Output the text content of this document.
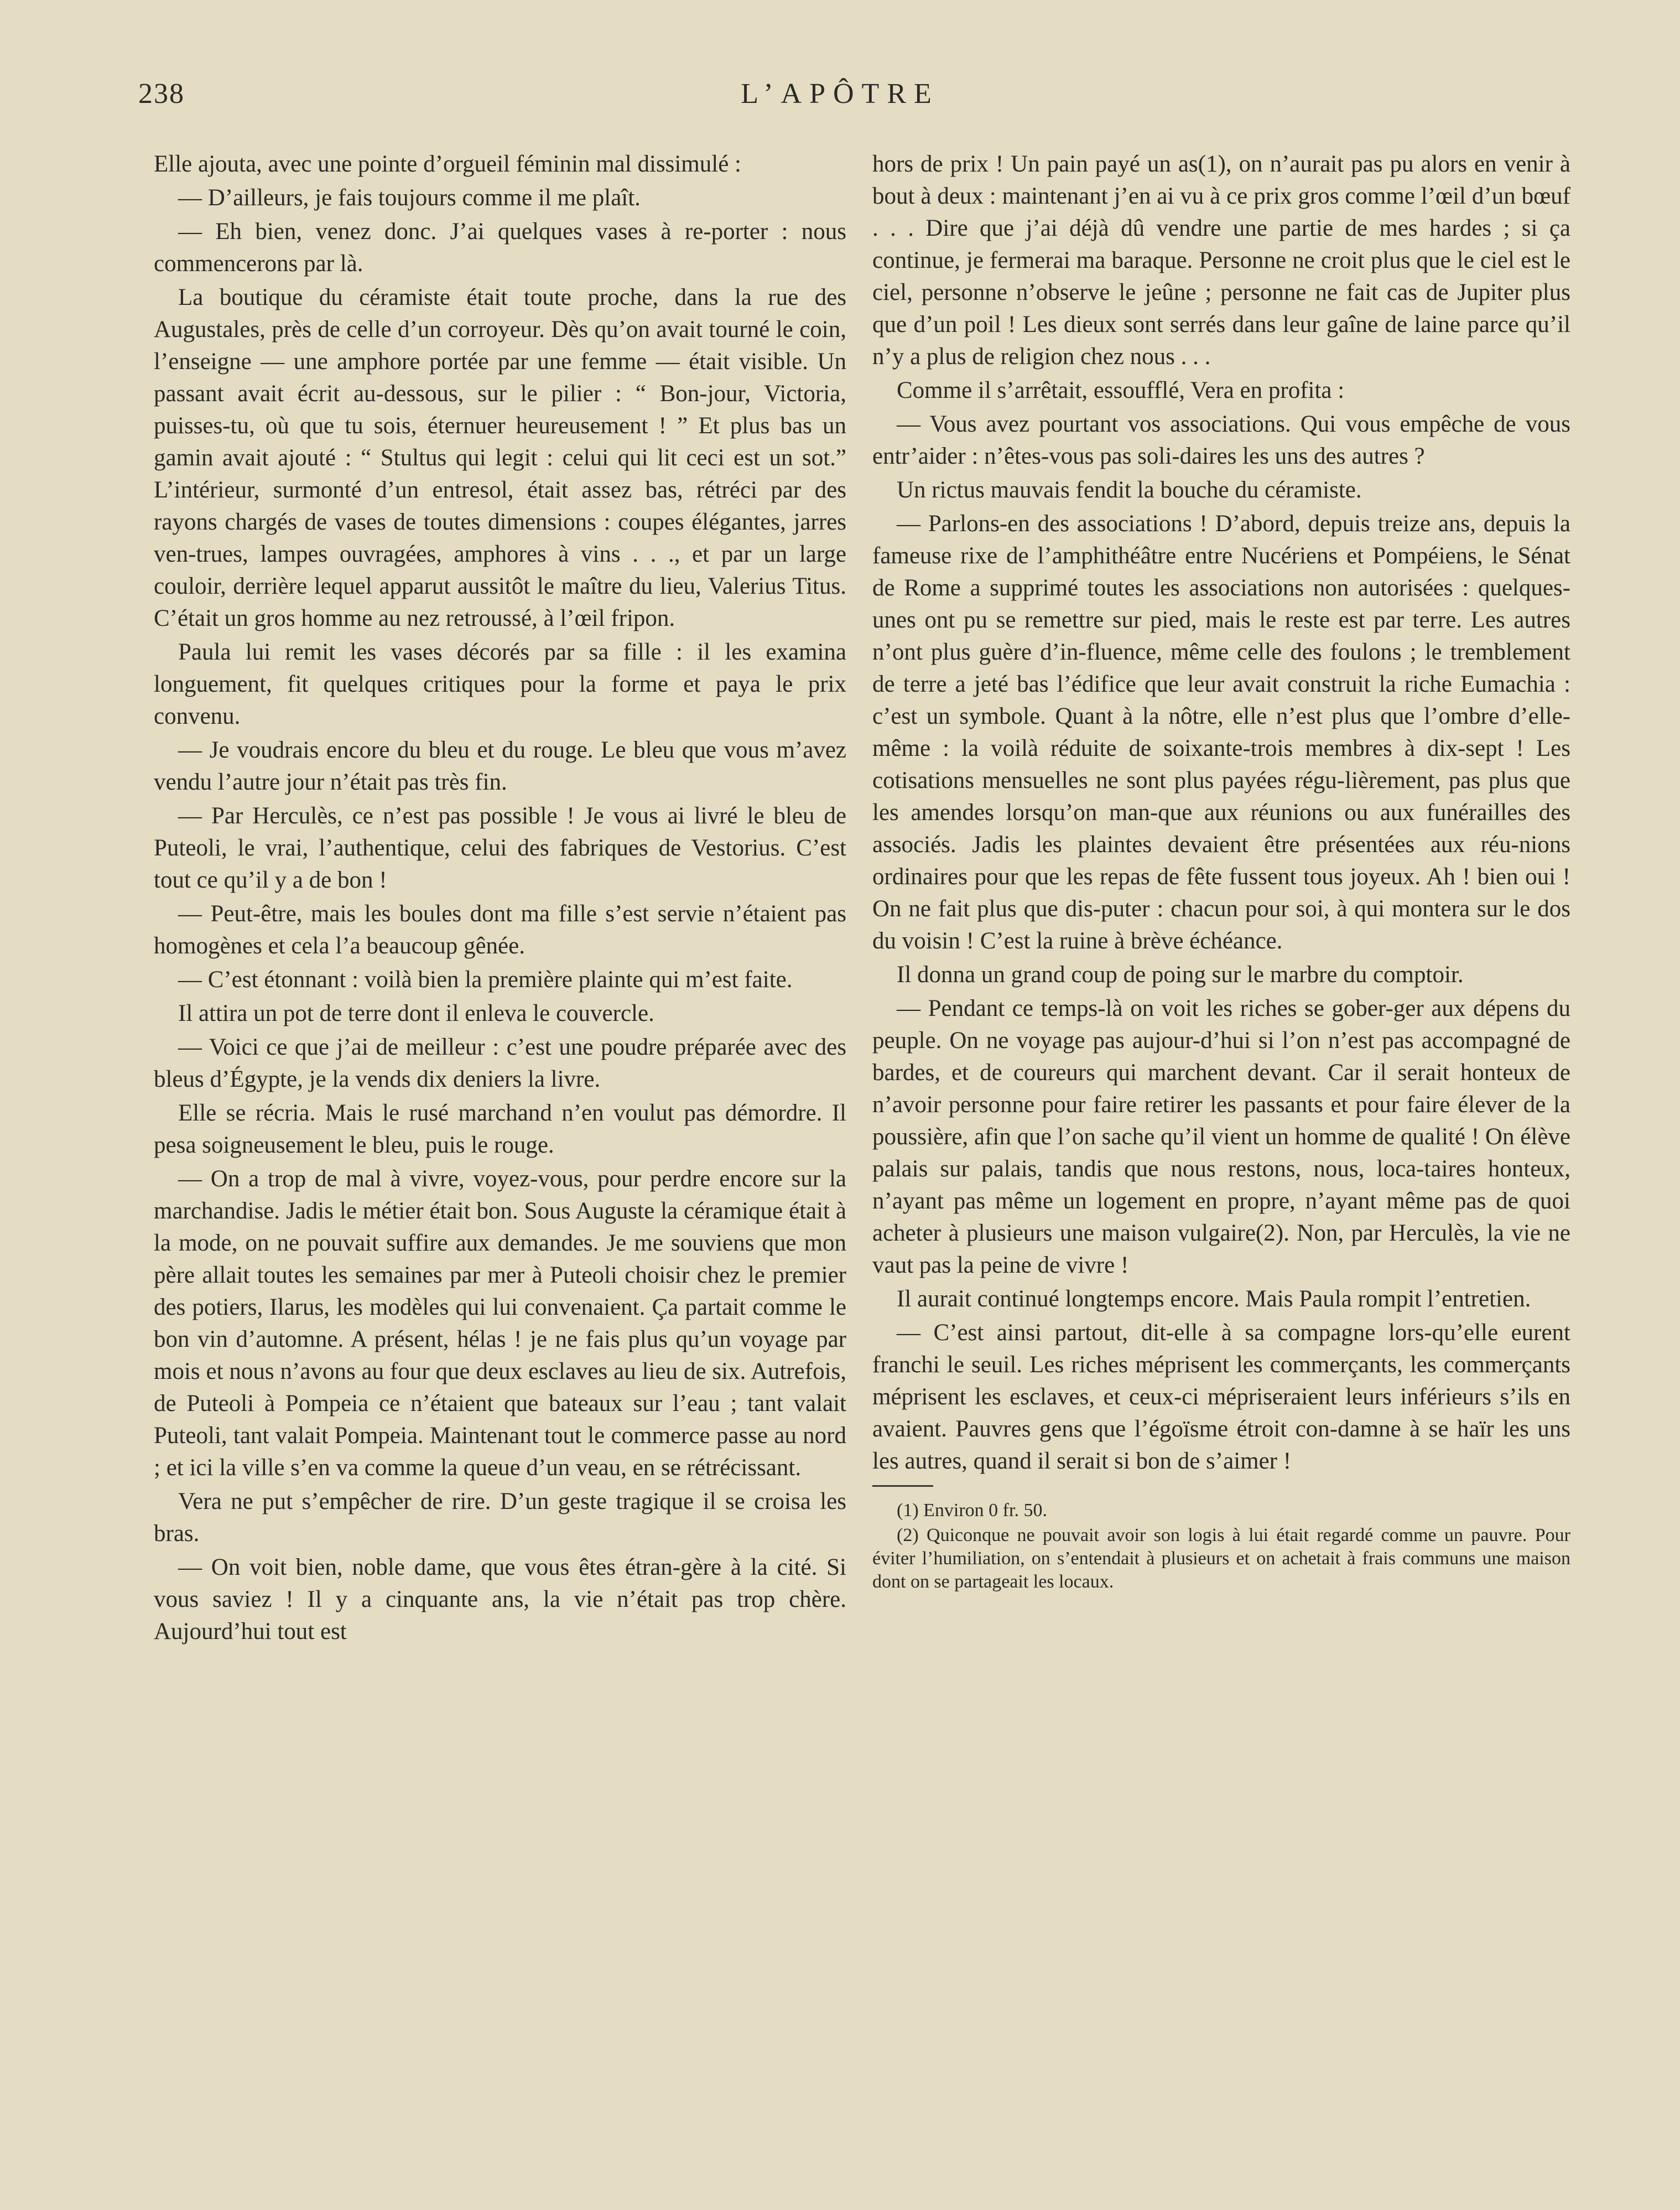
238	L’APÔTRE

Elle ajouta, avec une pointe d’orgueil féminin mal dissimulé :

— D’ailleurs, je fais toujours comme il me plaît.

— Eh bien, venez donc. J’ai quelques vases à re-porter : nous commencerons par là.

La boutique du céramiste était toute proche, dans la rue des Augustales, près de celle d’un corroyeur. Dès qu’on avait tourné le coin, l’enseigne — une amphore portée par une femme — était visible. Un passant avait écrit au-dessous, sur le pilier : “ Bon-jour, Victoria, puisses-tu, où que tu sois, éternuer heureusement ! ” Et plus bas un gamin avait ajouté : “ Stultus qui legit : celui qui lit ceci est un sot.” L’intérieur, surmonté d’un entresol, était assez bas, rétréci par des rayons chargés de vases de toutes dimensions : coupes élégantes, jarres ven-trues, lampes ouvragées, amphores à vins . . ., et par un large couloir, derrière lequel apparut aussitôt le maître du lieu, Valerius Titus. C’était un gros homme au nez retroussé, à l’œil fripon.

Paula lui remit les vases décorés par sa fille : il les examina longuement, fit quelques critiques pour la forme et paya le prix convenu.

— Je voudrais encore du bleu et du rouge. Le bleu que vous m’avez vendu l’autre jour n’était pas très fin.

— Par Herculès, ce n’est pas possible ! Je vous ai livré le bleu de Puteoli, le vrai, l’authentique, celui des fabriques de Vestorius. C’est tout ce qu’il y a de bon !

— Peut-être, mais les boules dont ma fille s’est servie n’étaient pas homogènes et cela l’a beaucoup gênée.

— C’est étonnant : voilà bien la première plainte qui m’est faite.

Il attira un pot de terre dont il enleva le couvercle.

— Voici ce que j’ai de meilleur : c’est une poudre préparée avec des bleus d’Égypte, je la vends dix deniers la livre.

Elle se récria. Mais le rusé marchand n’en voulut pas démordre. Il pesa soigneusement le bleu, puis le rouge.

— On a trop de mal à vivre, voyez-vous, pour perdre encore sur la marchandise. Jadis le métier était bon. Sous Auguste la céramique était à la mode, on ne pouvait suffire aux demandes. Je me souviens que mon père allait toutes les semaines par mer à Puteoli choisir chez le premier des potiers, Ilarus, les modèles qui lui convenaient. Ça partait comme le bon vin d’automne. A présent, hélas ! je ne fais plus qu’un voyage par mois et nous n’avons au four que deux esclaves au lieu de six. Autrefois, de Puteoli à Pompeia ce n’étaient que bateaux sur l’eau ; tant valait Puteoli, tant valait Pompeia. Maintenant tout le commerce passe au nord ; et ici la ville s’en va comme la queue d’un veau, en se rétrécissant.

Vera ne put s’empêcher de rire. D’un geste tragique il se croisa les bras.

— On voit bien, noble dame, que vous êtes étran-gère à la cité. Si vous saviez ! Il y a cinquante ans, la vie n’était pas trop chère. Aujourd’hui tout est

hors de prix ! Un pain payé un as(1), on n’aurait pas pu alors en venir à bout à deux : maintenant j’en ai vu à ce prix gros comme l’œil d’un bœuf . . . Dire que j’ai déjà dû vendre une partie de mes hardes ; si ça continue, je fermerai ma baraque. Personne ne croit plus que le ciel est le ciel, personne n’observe le jeûne ; personne ne fait cas de Jupiter plus que d’un poil ! Les dieux sont serrés dans leur gaîne de laine parce qu’il n’y a plus de religion chez nous . . .

Comme il s’arrêtait, essoufflé, Vera en profita :

— Vous avez pourtant vos associations. Qui vous empêche de vous entr’aider : n’êtes-vous pas soli-daires les uns des autres ?

Un rictus mauvais fendit la bouche du céramiste.

— Parlons-en des associations ! D’abord, depuis treize ans, depuis la fameuse rixe de l’amphithéâtre entre Nucériens et Pompéiens, le Sénat de Rome a supprimé toutes les associations non autorisées : quelques-unes ont pu se remettre sur pied, mais le reste est par terre. Les autres n’ont plus guère d’in-fluence, même celle des foulons ; le tremblement de terre a jeté bas l’édifice que leur avait construit la riche Eumachia : c’est un symbole. Quant à la nôtre, elle n’est plus que l’ombre d’elle-même : la voilà réduite de soixante-trois membres à dix-sept ! Les cotisations mensuelles ne sont plus payées régu-lièrement, pas plus que les amendes lorsqu’on man-que aux réunions ou aux funérailles des associés. Jadis les plaintes devaient être présentées aux réu-nions ordinaires pour que les repas de fête fussent tous joyeux. Ah ! bien oui ! On ne fait plus que dis-puter : chacun pour soi, à qui montera sur le dos du voisin ! C’est la ruine à brève échéance.

Il donna un grand coup de poing sur le marbre du comptoir.

— Pendant ce temps-là on voit les riches se gober-ger aux dépens du peuple. On ne voyage pas aujour-d’hui si l’on n’est pas accompagné de bardes, et de coureurs qui marchent devant. Car il serait honteux de n’avoir personne pour faire retirer les passants et pour faire élever de la poussière, afin que l’on sache qu’il vient un homme de qualité ! On élève palais sur palais, tandis que nous restons, nous, loca-taires honteux, n’ayant pas même un logement en propre, n’ayant même pas de quoi acheter à plusieurs une maison vulgaire(2). Non, par Herculès, la vie ne vaut pas la peine de vivre !

Il aurait continué longtemps encore. Mais Paula rompit l’entretien.

— C’est ainsi partout, dit-elle à sa compagne lors-qu’elle eurent franchi le seuil. Les riches méprisent les commerçants, les commerçants méprisent les esclaves, et ceux-ci mépriseraient leurs inférieurs s’ils en avaient. Pauvres gens que l’égoïsme étroit con-damne à se haïr les uns les autres, quand il serait si bon de s’aimer !

(1) Environ 0 fr. 50.

(2) Quiconque ne pouvait avoir son logis à lui était regardé comme un pauvre. Pour éviter l’humiliation, on s’entendait à plusieurs et on achetait à frais communs une maison dont on se partageait les locaux.
